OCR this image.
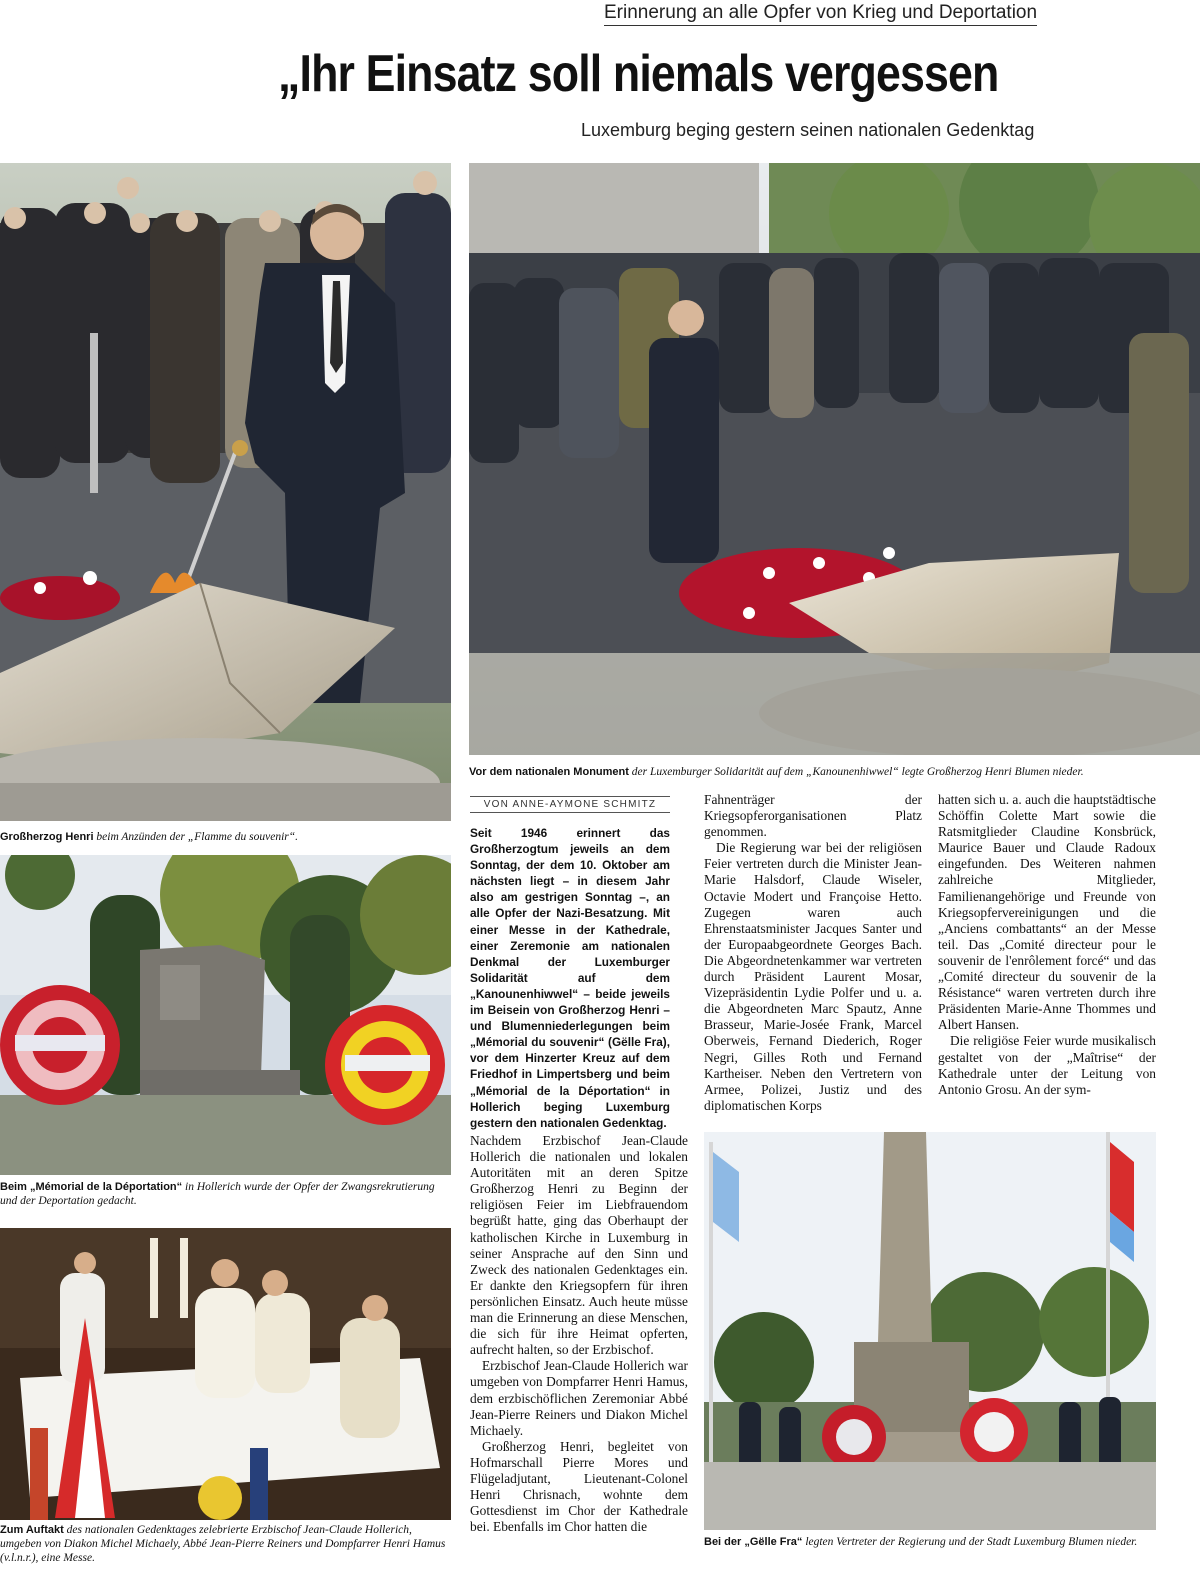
Erinnerung an alle Opfer von Krieg und Deportation
„Ihr Einsatz soll niemals vergessen
Luxemburg beging gestern seinen nationalen Gedenktag
Großherzog Henri beim Anzünden der „Flamme du souvenir“.
Vor dem nationalen Monument der Luxemburger Solidarität auf dem „Kanounenhiwwel“ legte Großherzog Henri Blumen nieder.
Beim „Mémorial de la Déportation“ in Hollerich wurde der Opfer der Zwangsrekrutierung und der Deportation gedacht.
Zum Auftakt des nationalen Gedenktages zelebrierte Erzbischof Jean-Claude Hollerich, umgeben von Diakon Michel Michaely, Abbé Jean-Pierre Reiners und Dompfarrer Henri Hamus (v.l.n.r.), eine Messe.
VON ANNE-AYMONE SCHMITZ
Seit 1946 erinnert das Großherzogtum jeweils an dem Sonntag, der dem 10. Oktober am nächsten liegt – in diesem Jahr also am gestrigen Sonntag –, an alle Opfer der Nazi-Besatzung. Mit einer Messe in der Kathedrale, einer Zeremonie am nationalen Denkmal der Luxemburger Solidarität auf dem „Kanounenhiwwel“ – beide jeweils im Beisein von Großherzog Henri – und Blumenniederlegungen beim „Mémorial du souvenir“ (Gëlle Fra), vor dem Hinzerter Kreuz auf dem Friedhof in Limpertsberg und beim „Mémorial de la Déportation“ in Hollerich beging Luxemburg gestern den nationalen Gedenktag.

Fahnenträger der Kriegsopferorganisationen Platz genommen.

Die Regierung war bei der religiösen Feier vertreten durch die Minister Jean-Marie Halsdorf, Claude Wiseler, Octavie Modert und Françoise Hetto. Zugegen waren auch Ehrenstaatsminister Jacques Santer und der Europaabgeordnete Georges Bach. Die Abgeordnetenkammer war vertreten durch Präsident Laurent Mosar, Vizepräsidentin Lydie Polfer und u. a. die Abgeordneten Marc Spautz, Anne Brasseur, Marie-Josée Frank, Marcel Oberweis, Fernand Diederich, Roger Negri, Gilles Roth und Fernand Kartheiser. Neben den Vertretern von Armee, Polizei, Justiz und des diplomatischen Korps

hatten sich u. a. auch die hauptstädtische Schöffin Colette Mart sowie die Ratsmitglieder Claudine Konsbrück, Maurice Bauer und Claude Radoux eingefunden. Des Weiteren nahmen zahlreiche Mitglieder, Familienangehörige und Freunde von Kriegsopfervereinigungen und die „Anciens combattants“ an der Messe teil. Das „Comité directeur pour le souvenir de l'enrôlement forcé“ und das „Comité directeur du souvenir de la Résistance“ waren vertreten durch ihre Präsidenten Marie-Anne Thommes und Albert Hansen.

Die religiöse Feier wurde musikalisch gestaltet von der „Maîtrise“ der Kathedrale unter der Leitung von Antonio Grosu. An der sym-

Nachdem Erzbischof Jean-Claude Hollerich die nationalen und lokalen Autoritäten mit an deren Spitze Großherzog Henri zu Beginn der religiösen Feier im Liebfrauendom begrüßt hatte, ging das Oberhaupt der katholischen Kirche in Luxemburg in seiner Ansprache auf den Sinn und Zweck des nationalen Gedenktages ein. Er dankte den Kriegsopfern für ihren persönlichen Einsatz. Auch heute müsse man die Erinnerung an diese Menschen, die sich für ihre Heimat opferten, aufrecht halten, so der Erzbischof.

Erzbischof Jean-Claude Hollerich war umgeben von Dompfarrer Henri Hamus, dem erzbischöflichen Zeremoniar Abbé Jean-Pierre Reiners und Diakon Michel Michaely.

Großherzog Henri, begleitet von Hofmarschall Pierre Mores und Flügeladjutant, Lieutenant-Colonel Henri Chrisnach, wohnte dem Gottesdienst im Chor der Kathedrale bei. Ebenfalls im Chor hatten die

Bei der „Gëlle Fra“ legten Vertreter der Regierung und der Stadt Luxemburg Blumen nieder.
